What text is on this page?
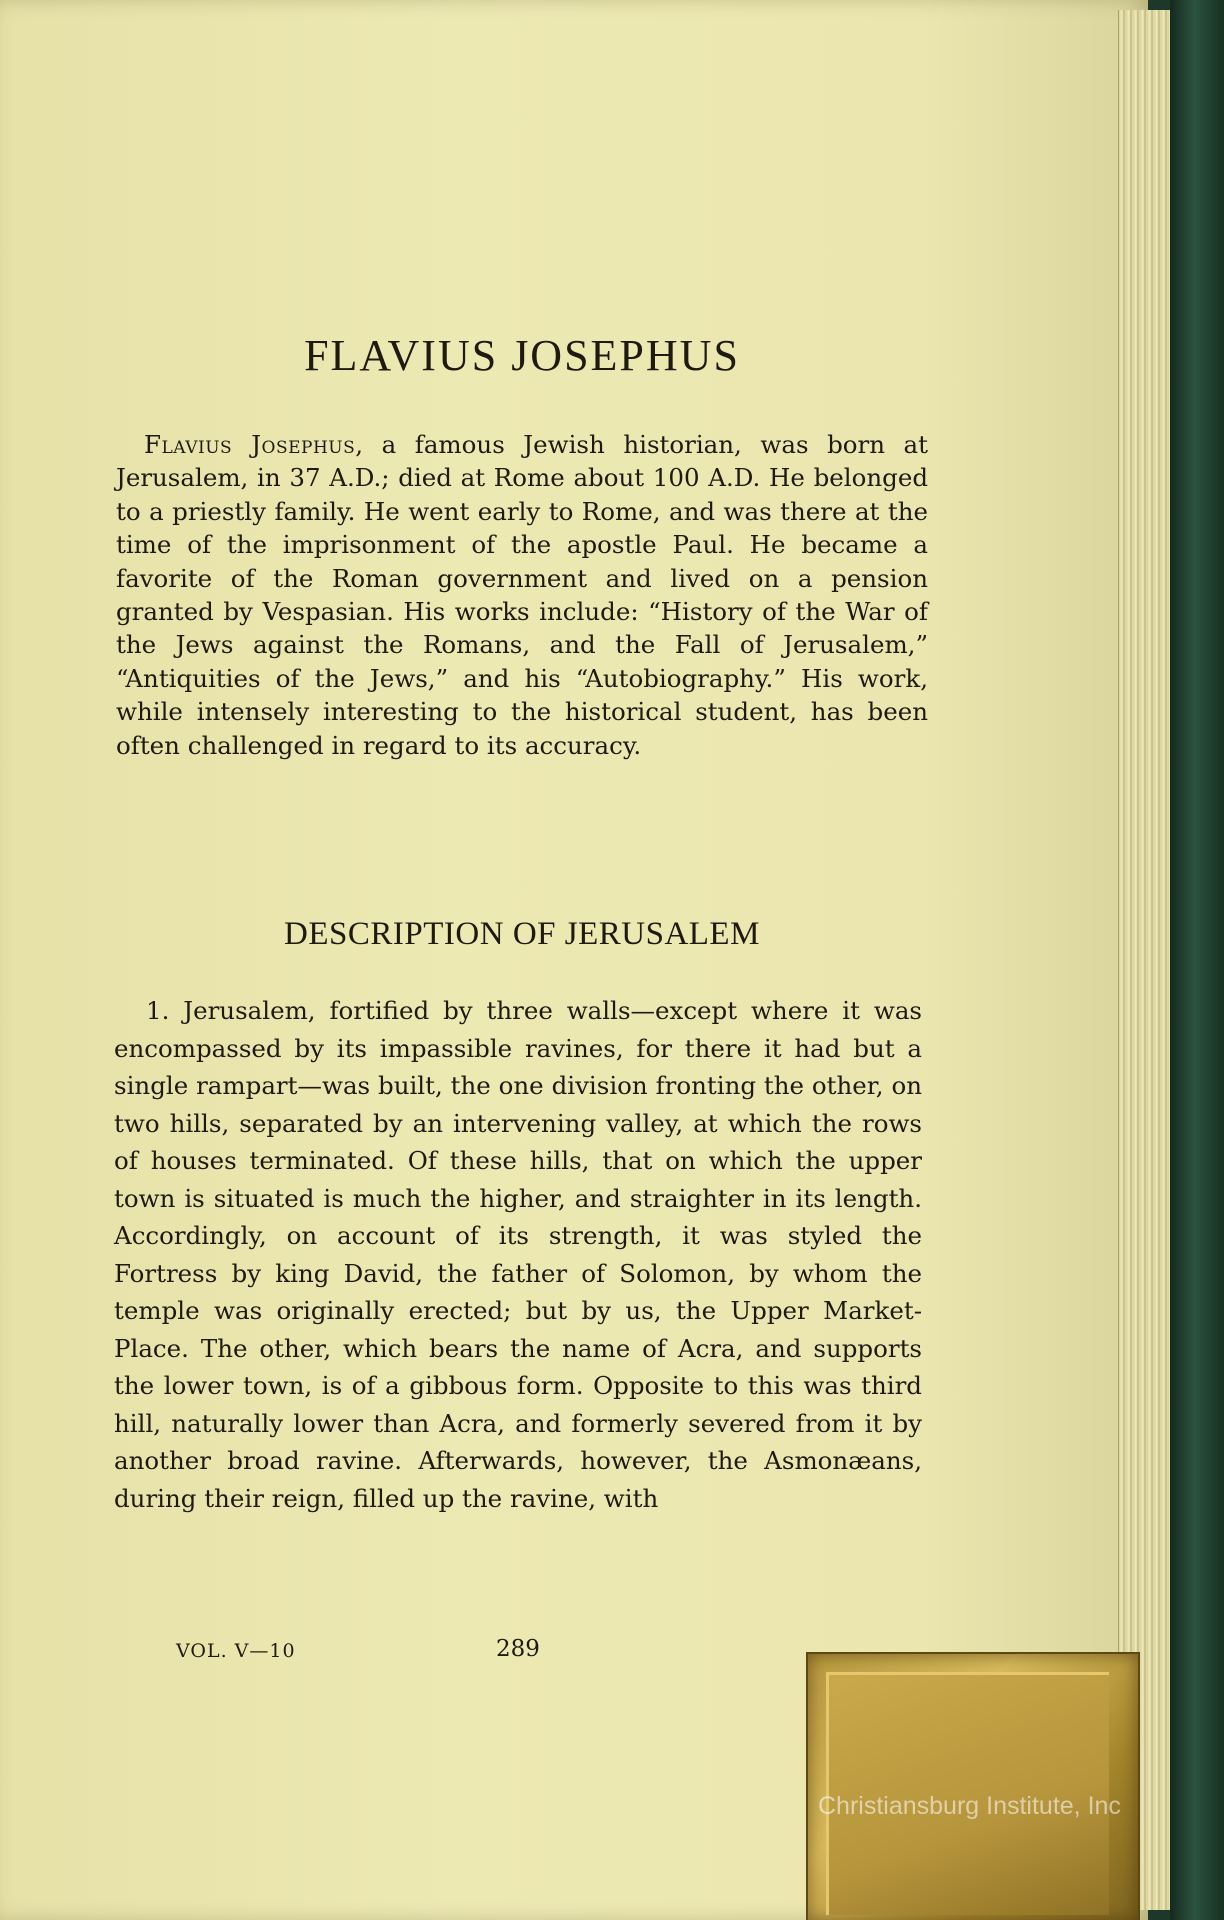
FLAVIUS JOSEPHUS

Flavius Josephus, a famous Jewish historian, was born at Jerusalem, in 37 A.D.; died at Rome about 100 A.D. He belonged to a priestly family. He went early to Rome, and was there at the time of the imprisonment of the apostle Paul. He became a favorite of the Roman government and lived on a pension granted by Vespasian. His works include: “History of the War of the Jews against the Romans, and the Fall of Jerusalem,” “Antiquities of the Jews,” and his “Autobiography.” His work, while intensely interesting to the historical student, has been often challenged in regard to its accuracy.

DESCRIPTION OF JERUSALEM

1. Jerusalem, fortified by three walls—except where it was encompassed by its impassible ravines, for there it had but a single rampart—was built, the one division fronting the other, on two hills, separated by an intervening valley, at which the rows of houses terminated. Of these hills, that on which the upper town is situated is much the higher, and straighter in its length. Accordingly, on account of its strength, it was styled the Fortress by king David, the father of Solomon, by whom the temple was originally erected; but by us, the Upper Market-Place. The other, which bears the name of Acra, and supports the lower town, is of a gibbous form. Opposite to this was third hill, naturally lower than Acra, and formerly severed from it by another broad ravine. Afterwards, however, the Asmonæans, during their reign, filled up the ravine, with

VOL. V—10	289
Christiansburg Institute, Inc
